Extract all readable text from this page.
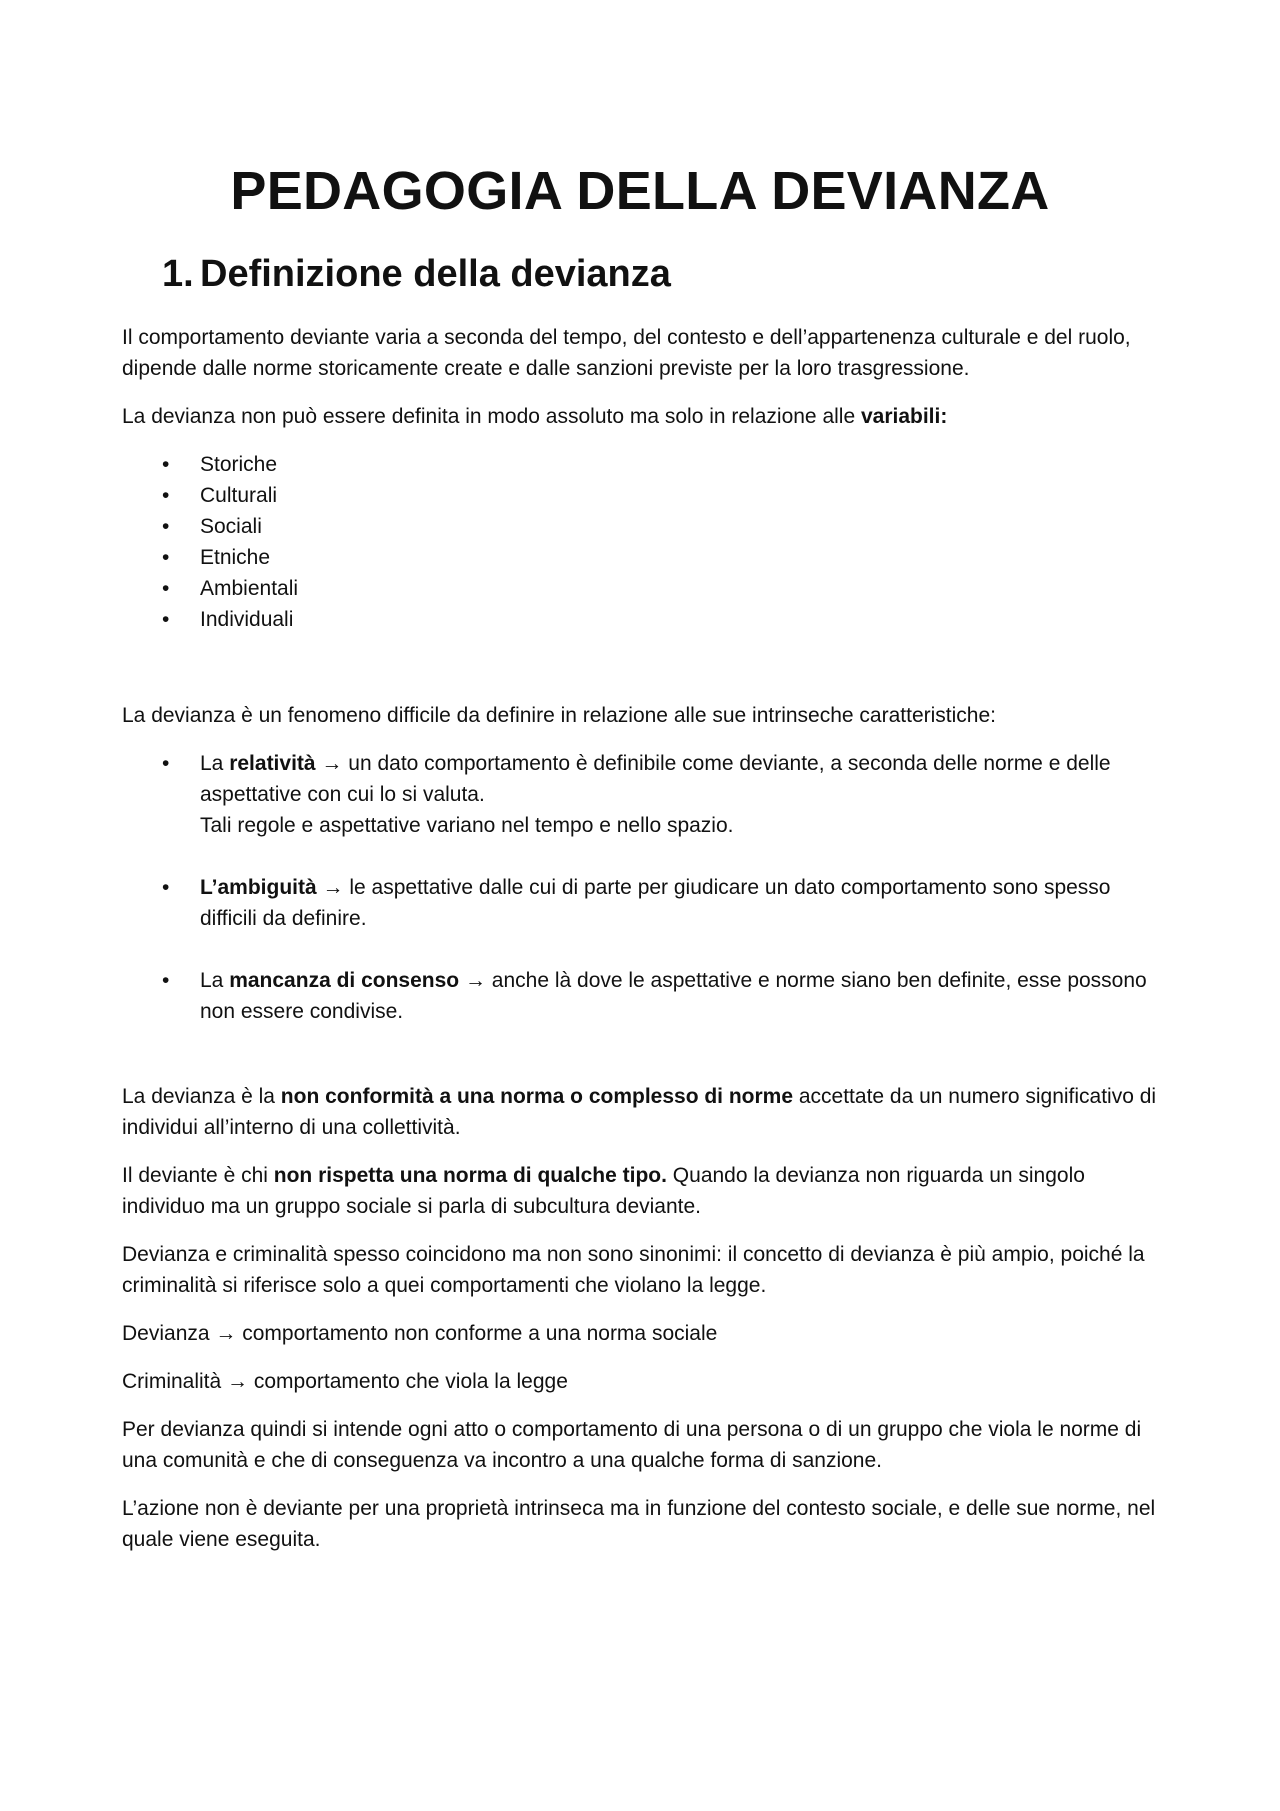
PEDAGOGIA DELLA DEVIANZA
1. Definizione della devianza

Il comportamento deviante varia a seconda del tempo, del contesto e dell’appartenenza culturale e del ruolo, dipende dalle norme storicamente create e dalle sanzioni previste per la loro trasgressione.

La devianza non può essere definita in modo assoluto ma solo in relazione alle variabili:

•	Storiche
•	Culturali
•	Sociali
•	Etniche
•	Ambientali
•	Individuali

La devianza è un fenomeno difficile da definire in relazione alle sue intrinseche caratteristiche:

•	La relatività → un dato comportamento è definibile come deviante, a seconda delle norme e delle aspettative con cui lo si valuta.
Tali regole e aspettative variano nel tempo e nello spazio.
•	L’ambiguità → le aspettative dalle cui di parte per giudicare un dato comportamento sono spesso difficili da definire.
•	La mancanza di consenso → anche là dove le aspettative e norme siano ben definite, esse possono non essere condivise.

La devianza è la non conformità a una norma o complesso di norme accettate da un numero significativo di individui all’interno di una collettività.

Il deviante è chi non rispetta una norma di qualche tipo. Quando la devianza non riguarda un singolo individuo ma un gruppo sociale si parla di subcultura deviante.

Devianza e criminalità spesso coincidono ma non sono sinonimi: il concetto di devianza è più ampio, poiché la criminalità si riferisce solo a quei comportamenti che violano la legge.

Devianza → comportamento non conforme a una norma sociale

Criminalità → comportamento che viola la legge

Per devianza quindi si intende ogni atto o comportamento di una persona o di un gruppo che viola le norme di una comunità e che di conseguenza va incontro a una qualche forma di sanzione.

L’azione non è deviante per una proprietà intrinseca ma in funzione del contesto sociale, e delle sue norme, nel quale viene eseguita.
